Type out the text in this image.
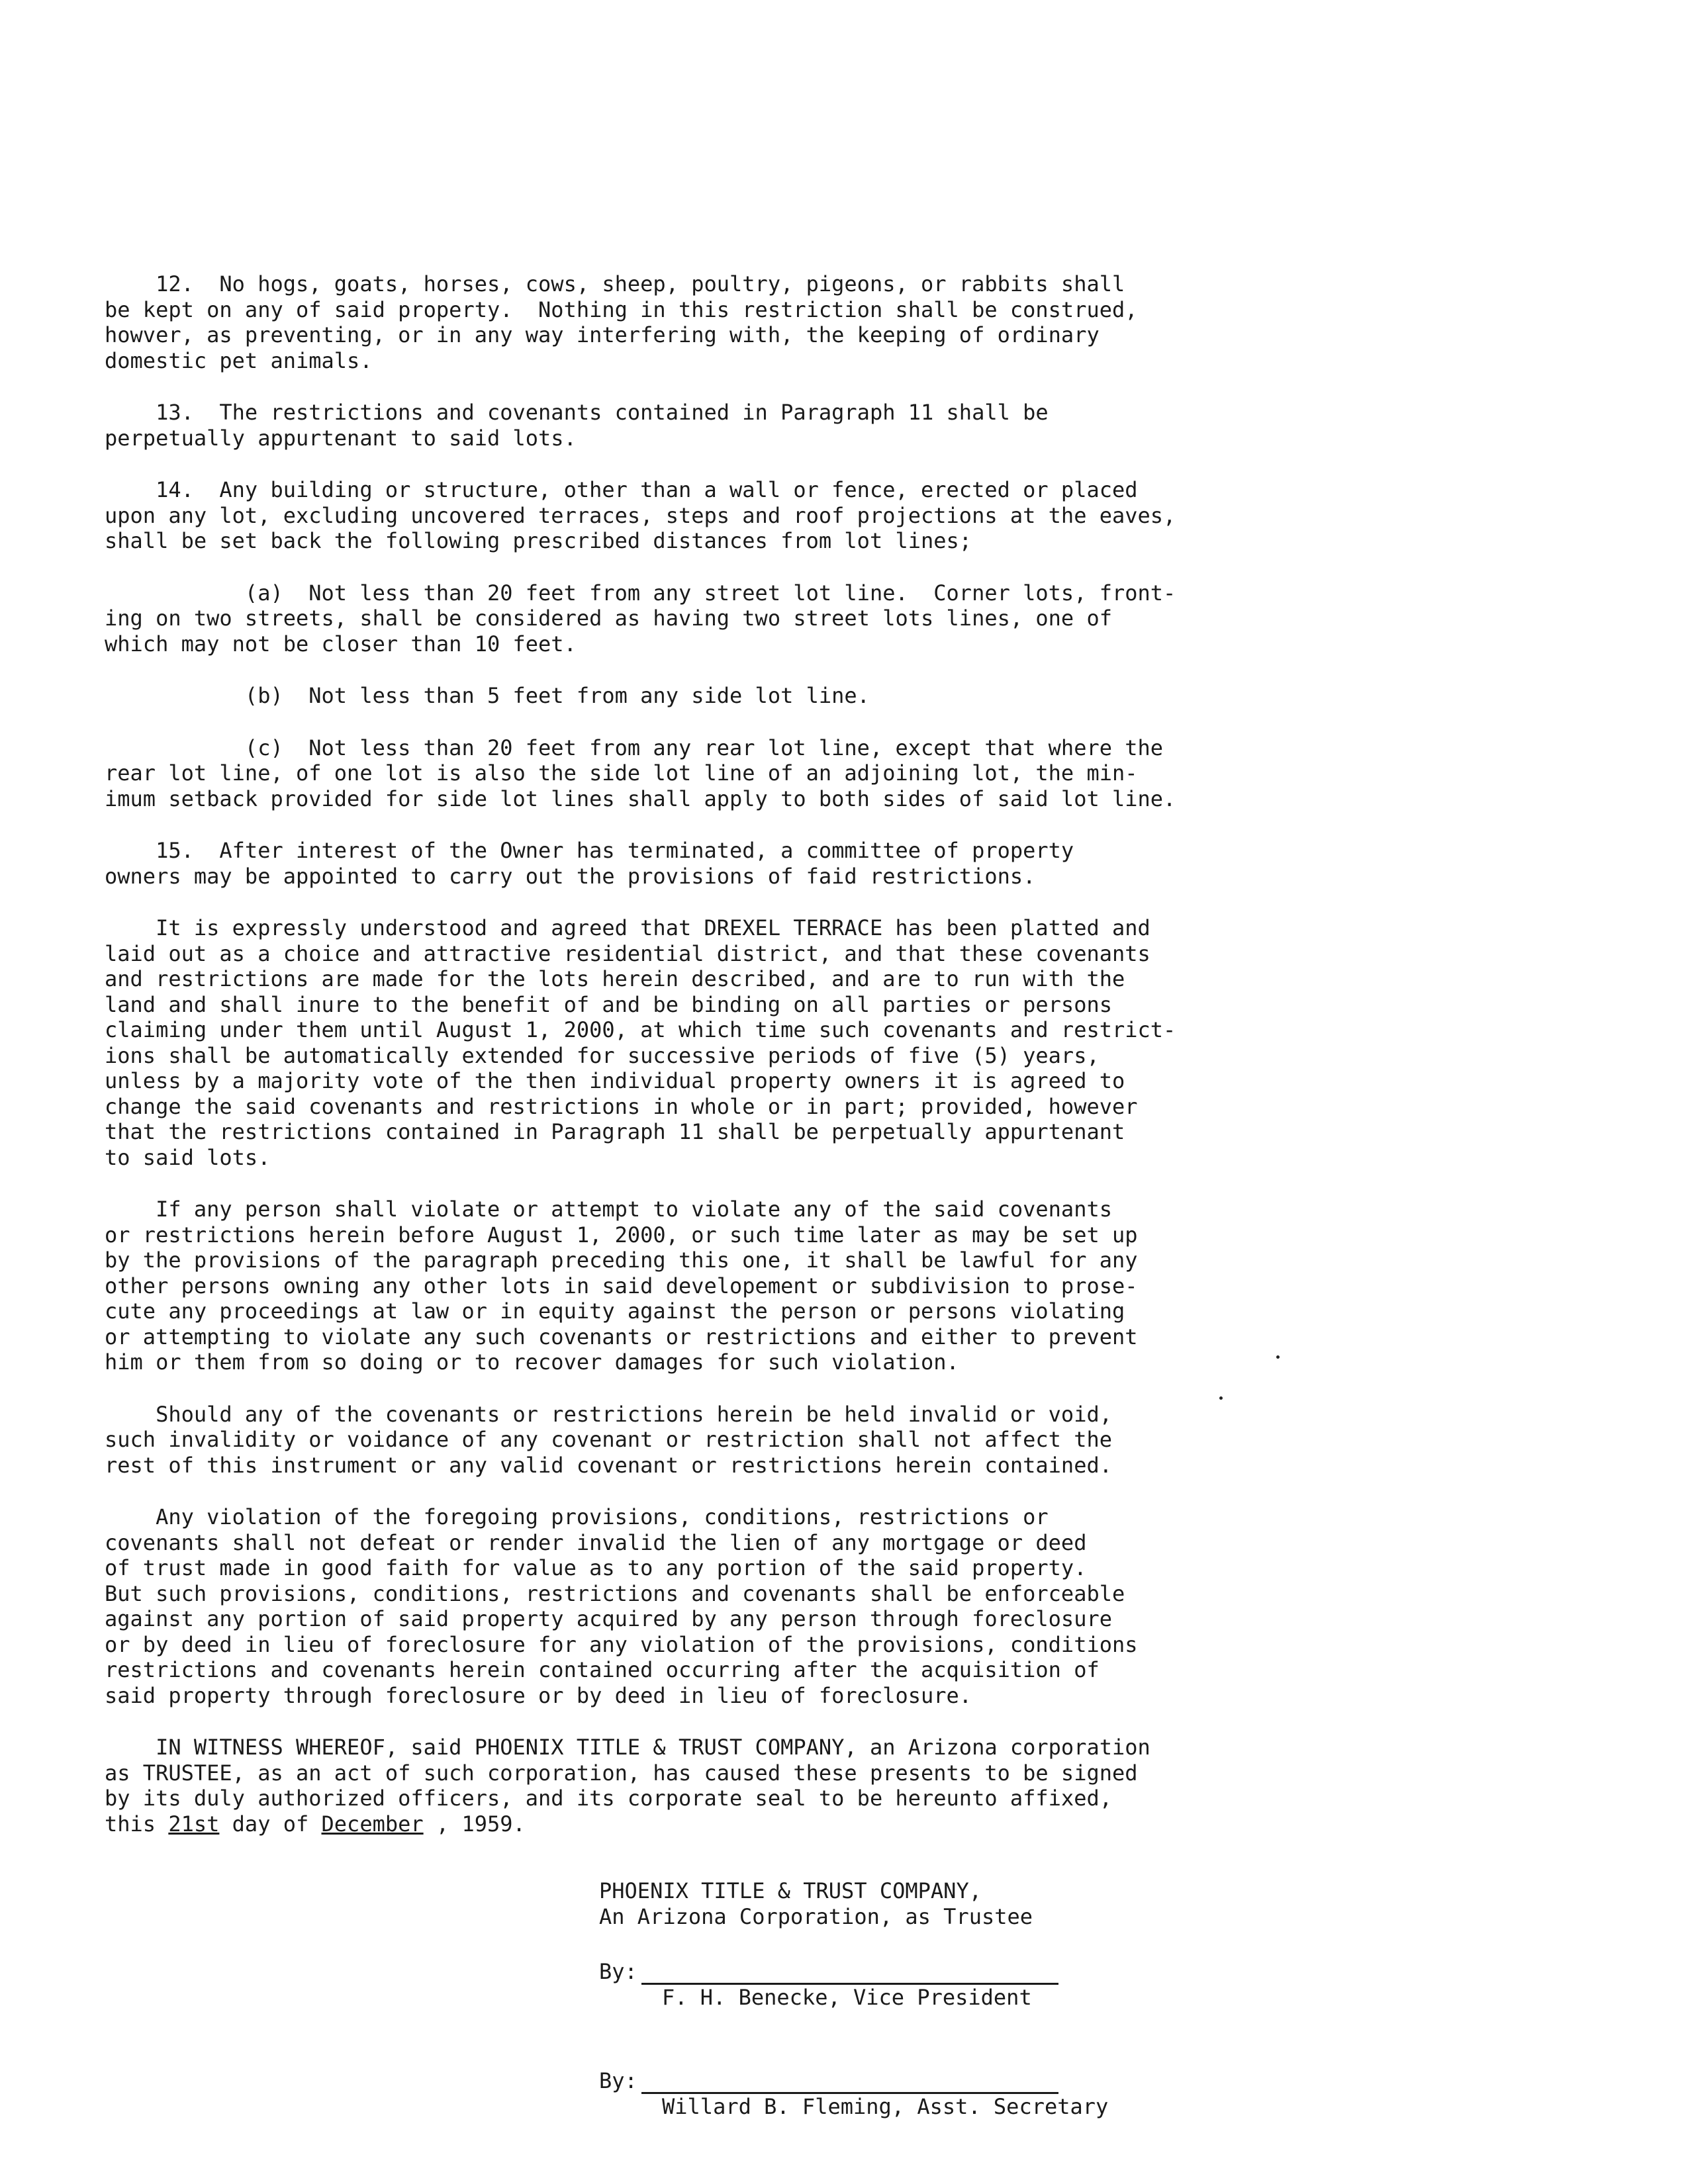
12.  No hogs, goats, horses, cows, sheep, poultry, pigeons, or rabbits shall
be kept on any of said property.  Nothing in this restriction shall be construed,
howver, as preventing, or in any way interfering with, the keeping of ordinary
domestic pet animals.
13.  The restrictions and covenants contained in Paragraph 11 shall be
perpetually appurtenant to said lots.
14.  Any building or structure, other than a wall or fence, erected or placed
upon any lot, excluding uncovered terraces, steps and roof projections at the eaves,
shall be set back the following prescribed distances from lot lines;
(a)  Not less than 20 feet from any street lot line.  Corner lots, front-
ing on two streets, shall be considered as having two street lots lines, one of
which may not be closer than 10 feet.
(b)  Not less than 5 feet from any side lot line.
(c)  Not less than 20 feet from any rear lot line, except that where the
rear lot line, of one lot is also the side lot line of an adjoining lot, the min-
imum setback provided for side lot lines shall apply to both sides of said lot line.
15.  After interest of the Owner has terminated, a committee of property
owners may be appointed to carry out the provisions of faid restrictions.
It is expressly understood and agreed that DREXEL TERRACE has been platted and
laid out as a choice and attractive residential district, and that these covenants
and restrictions are made for the lots herein described, and are to run with the
land and shall inure to the benefit of and be binding on all parties or persons
claiming under them until August 1, 2000, at which time such covenants and restrict-
ions shall be automatically extended for successive periods of five (5) years,
unless by a majority vote of the then individual property owners it is agreed to
change the said covenants and restrictions in whole or in part; provided, however
that the restrictions contained in Paragraph 11 shall be perpetually appurtenant
to said lots.
If any person shall violate or attempt to violate any of the said covenants
or restrictions herein before August 1, 2000, or such time later as may be set up
by the provisions of the paragraph preceding this one, it shall be lawful for any
other persons owning any other lots in said developement or subdivision to prose-
cute any proceedings at law or in equity against the person or persons violating
or attempting to violate any such covenants or restrictions and either to prevent
him or them from so doing or to recover damages for such violation.
Should any of the covenants or restrictions herein be held invalid or void,
such invalidity or voidance of any covenant or restriction shall not affect the
rest of this instrument or any valid covenant or restrictions herein contained.
Any violation of the foregoing provisions, conditions, restrictions or
covenants shall not defeat or render invalid the lien of any mortgage or deed
of trust made in good faith for value as to any portion of the said property.
But such provisions, conditions, restrictions and covenants shall be enforceable
against any portion of said property acquired by any person through foreclosure
or by deed in lieu of foreclosure for any violation of the provisions, conditions
restrictions and covenants herein contained occurring after the acquisition of
said property through foreclosure or by deed in lieu of foreclosure.
IN WITNESS WHEREOF, said PHOENIX TITLE & TRUST COMPANY, an Arizona corporation
as TRUSTEE, as an act of such corporation, has caused these presents to be signed
by its duly authorized officers, and its corporate seal to be hereunto affixed,
this 21st day of December , 1959.
PHOENIX TITLE & TRUST COMPANY,
An Arizona Corporation, as Trustee
By:
F. H. Benecke, Vice President
By:
Willard B. Fleming, Asst. Secretary
